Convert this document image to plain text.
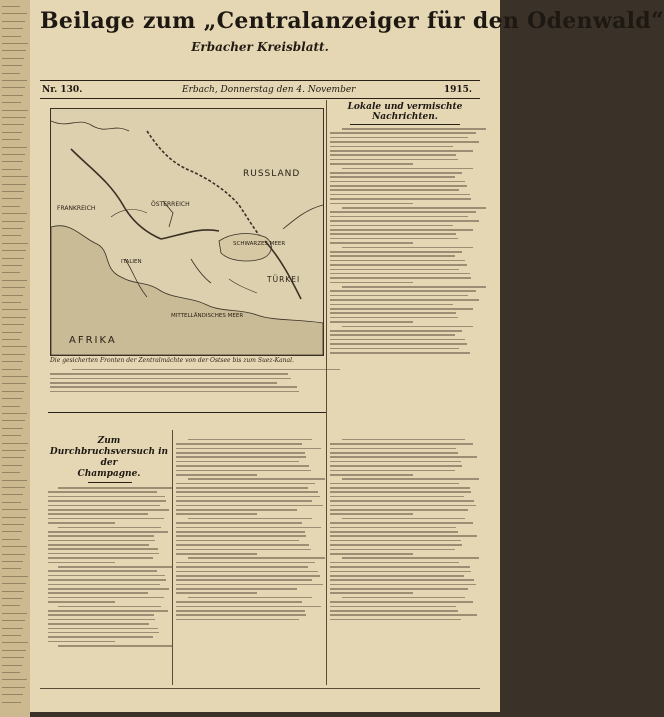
Beilage zum „Centralanzeiger für den Odenwald“
Erbacher Kreisblatt.
Nr. 130.	Erbach, Donnerstag den 4. November	1915.
RUSSLAND
FRANKREICH
ÖSTERREICH
SCHWARZES MEER
TÜRKEI
ITALIEN
MITTELLÄNDISCHES MEER
AFRIKA
Die gesicherten Fronten der Zentralmächte von der Ostsee bis zum Suez-Kanal.
Lokale und vermischte Nachrichten.
Zum Durchbruchsversuch in der
Champagne.
